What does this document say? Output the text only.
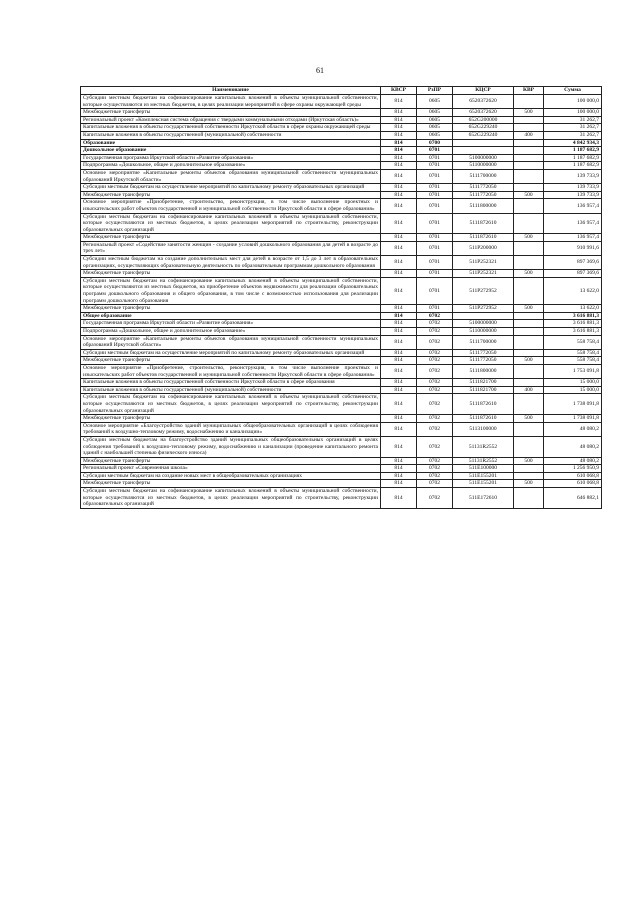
61
Наименование	КВСР	РзПР	КЦСР	КВР	Сумма
Субсидии местным бюджетам на софинансирование капитальных вложений в объекты муниципальной собственности, которые осуществляются из местных бюджетов, в целях реализации мероприятий в сфере охраны окружающей среды	814	0605	6520372620		100 000,0
Межбюджетные трансферты	814	0605	6520372620	500	100 000,0
Региональный проект «Комплексная система обращения с твердыми коммунальными отходами (Иркутская область)»	814	0605	652G200000		31 262,7
Капитальные вложения в объекты государственной собственности Иркутской области в сфере охраны окружающей среды	814	0605	652G229240		31 262,7
Капитальные вложения в объекты государственной (муниципальной) собственности	814	0605	652G229240	400	31 262,7
Образование	814	0700			4 842 934,3
Дошкольное образование	814	0701			1 187 682,9
Государственная программа Иркутской области «Развитие образования»	814	0701	5100000000		1 187 682,9
Подпрограмма «Дошкольное, общее и дополнительное образование»	814	0701	5110000000		1 187 682,9
Основное мероприятие «Капитальные ремонты объектов образования муниципальной собственности муниципальных образований Иркутской области»	814	0701	5111700000		139 733,9
Субсидии местным бюджетам на осуществление мероприятий по капитальному ремонту образовательных организаций	814	0701	5111772050		139 733,9
Межбюджетные трансферты	814	0701	5111772050	500	139 733,9
Основное мероприятие «Приобретение, строительство, реконструкция, в том числе выполнение проектных и изыскательских работ объектов государственной и муниципальной собственности Иркутской области в сфере образования»	814	0701	5111800000		136 957,4
Субсидии местным бюджетам на софинансирование капитальных вложений в объекты муниципальной собственности, которые осуществляются из местных бюджетов, в целях реализации мероприятий по строительству, реконструкции образовательных организаций	814	0701	5111872610		136 957,4
Межбюджетные трансферты	814	0701	5111872610	500	136 957,4
Региональный проект «Содействие занятости женщин - создание условий дошкольного образования для детей в возрасте до трех лет»	814	0701	511P200000		910 991,6
Субсидии местным бюджетам на создание дополнительных мест для детей в возрасте от 1,5 до 3 лет в образовательных организациях, осуществляющих образовательную деятельность по образовательным программам дошкольного образования	814	0701	511P252321		897 369,6
Межбюджетные трансферты	814	0701	511P252321	500	897 369,6
Субсидии местным бюджетам на софинансирование капитальных вложений в объекты муниципальной собственности, которые осуществляются из местных бюджетов, на приобретение объектов недвижимости для реализации образовательных программ дошкольного образования и общего образования, в том числе с возможностью использования для реализации программ дошкольного образования	814	0701	511P272952		13 622,0
Межбюджетные трансферты	814	0701	511P272952	500	13 622,0
Общее образование	814	0702			3 616 881,3
Государственная программа Иркутской области «Развитие образования»	814	0702	5100000000		3 616 881,3
Подпрограмма «Дошкольное, общее и дополнительное образование»	814	0702	5110000000		3 616 881,3
Основное мероприятие «Капитальные ремонты объектов образования муниципальной собственности муниципальных образований Иркутской области»	814	0702	5111700000		558 758,4
Субсидии местным бюджетам на осуществление мероприятий по капитальному ремонту образовательных организаций	814	0702	5111772050		558 758,4
Межбюджетные трансферты	814	0702	5111772050	500	558 758,4
Основное мероприятие «Приобретение, строительство, реконструкция, в том числе выполнение проектных и изыскательских работ объектов государственной и муниципальной собственности Иркутской области в сфере образования»	814	0702	5111800000		1 753 091,8
Капитальные вложения в объекты государственной собственности Иркутской области в сфере образования	814	0702	5111821700		15 000,0
Капитальные вложения в объекты государственной (муниципальной) собственности	814	0702	5111821700	400	15 000,0
Субсидии местным бюджетам на софинансирование капитальных вложений в объекты муниципальной собственности, которые осуществляются из местных бюджетов, в целях реализации мероприятий по строительству, реконструкции образовательных организаций	814	0702	5111872610		1 738 091,8
Межбюджетные трансферты	814	0702	5111872610	500	1 738 091,8
Основное мероприятие «Благоустройство зданий муниципальных общеобразовательных организаций в целях соблюдения требований к воздушно-тепловому режиму, водоснабжению и канализации»	814	0702	5113100000		48 080,2
Субсидии местным бюджетам на благоустройство зданий муниципальных общеобразовательных организаций в целях соблюдения требований к воздушно-тепловому режиму, водоснабжению и канализации (проведение капитального ремонта зданий с наибольшей степенью физического износа)	814	0702	51131R2552		48 080,2
Межбюджетные трансферты	814	0702	51131R2552	500	48 080,2
Региональный проект «Современная школа»	814	0702	511E100000		1 256 950,9
Субсидии местным бюджетам на создание новых мест в общеобразовательных организациях	814	0702	511E155201		610 068,8
Межбюджетные трансферты	814	0702	511E155201	500	610 068,8
Субсидии местным бюджетам на софинансирование капитальных вложений в объекты муниципальной собственности, которые осуществляются из местных бюджетов, в целях реализации мероприятий по строительству, реконструкции образовательных организаций	814	0702	511E172610		646 882,1
